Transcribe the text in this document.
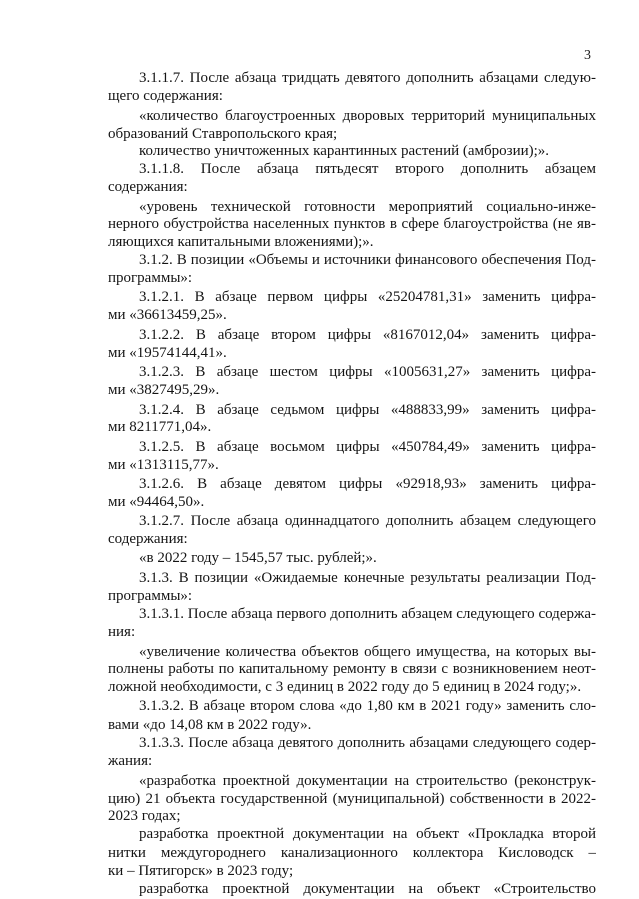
3
3.1.1.7. После абзаца тридцать девятого дополнить абзацами следую-
щего содержания:
«количество благоустроенных дворовых территорий муниципальных
образований Ставропольского края;
количество уничтоженных карантинных растений (амброзии);».
3.1.1.8. После абзаца пятьдесят второго дополнить абзацем
содержания:
«уровень технической готовности мероприятий социально-инже-
нерного обустройства населенных пунктов в сфере благоустройства (не яв-
ляющихся капитальными вложениями);».
3.1.2. В позиции «Объемы и источники финансового обеспечения Под-
программы»:
3.1.2.1. В абзаце первом цифры «25204781,31» заменить цифра-
ми «36613459,25».
3.1.2.2. В абзаце втором цифры «8167012,04» заменить цифра-
ми «19574144,41».
3.1.2.3. В абзаце шестом цифры «1005631,27» заменить цифра-
ми «3827495,29».
3.1.2.4. В абзаце седьмом цифры «488833,99» заменить цифра-
ми 8211771,04».
3.1.2.5. В абзаце восьмом цифры «450784,49» заменить цифра-
ми «1313115,77».
3.1.2.6. В абзаце девятом цифры «92918,93» заменить цифра-
ми «94464,50».
3.1.2.7. После абзаца одиннадцатого дополнить абзацем следующего
содержания:
«в 2022 году – 1545,57 тыс. рублей;».
3.1.3. В позиции «Ожидаемые конечные результаты реализации Под-
программы»:
3.1.3.1. После абзаца первого дополнить абзацем следующего содержа-
ния:
«увеличение количества объектов общего имущества, на которых вы-
полнены работы по капитальному ремонту в связи с возникновением неот-
ложной необходимости, с 3 единиц в 2022 году до 5 единиц в 2024 году;».
3.1.3.2. В абзаце втором слова «до 1,80 км в 2021 году» заменить сло-
вами «до 14,08 км в 2022 году».
3.1.3.3. После абзаца девятого дополнить абзацами следующего содер-
жания:
«разработка проектной документации на строительство (реконструк-
цию) 21 объекта государственной (муниципальной) собственности в 2022-
2023 годах;
разработка проектной документации на объект «Прокладка второй
нитки междугороднего канализационного коллектора Кисловодск –
ки – Пятигорск» в 2023 году;
разработка проектной документации на объект «Строительство
